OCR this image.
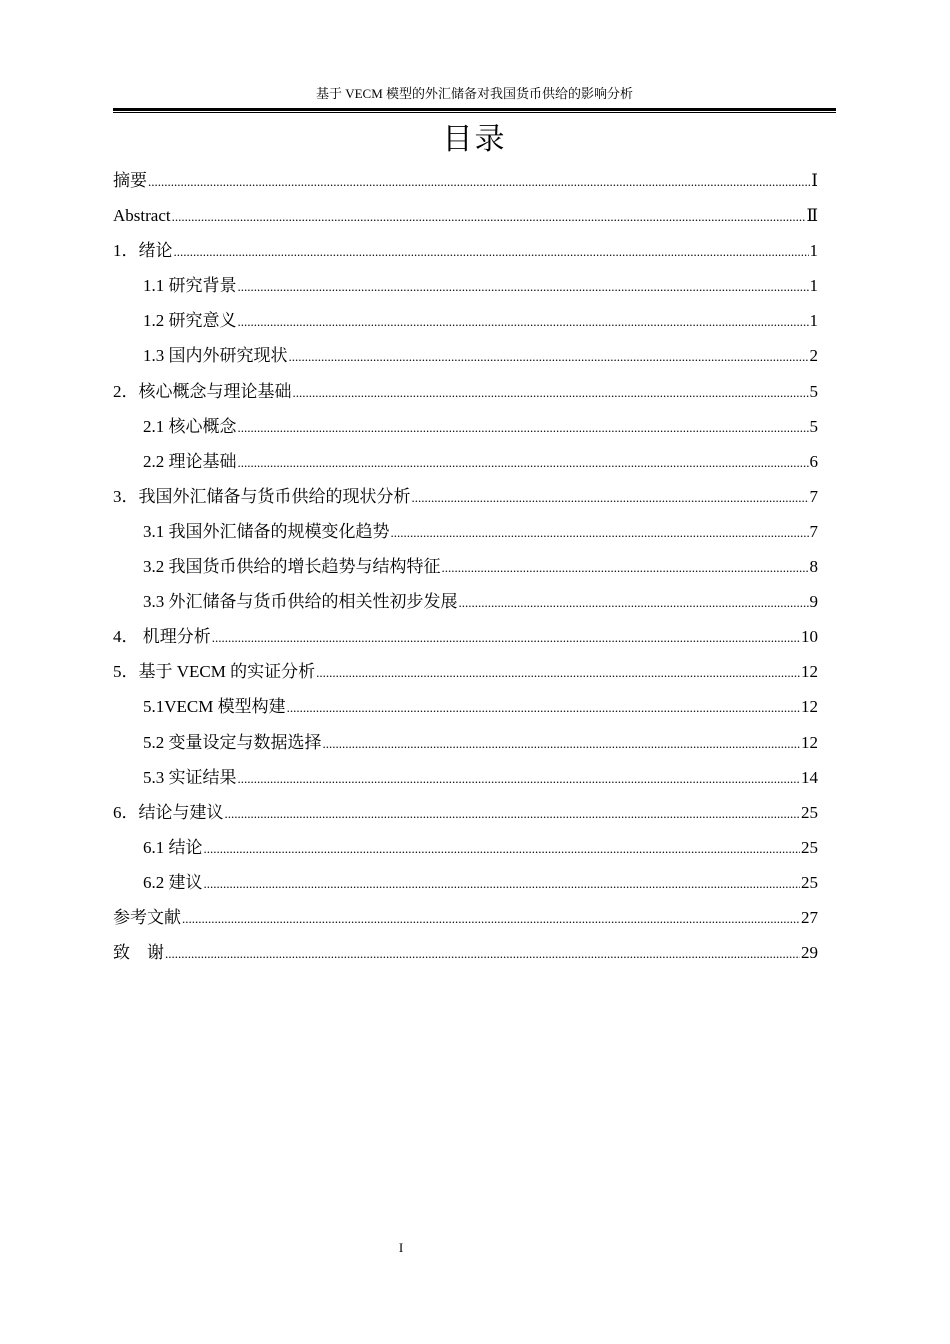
基于 VECM 模型的外汇储备对我国货币供给的影响分析
目录
摘要 .....	Ⅰ
Abstract .....	Ⅱ
1．绪论 .....	1
1.1 研究背景 .....	1
1.2 研究意义 .....	1
1.3 国内外研究现状 .....	2
2．核心概念与理论基础 .....	5
2.1 核心概念 .....	5
2.2 理论基础 .....	6
3．我国外汇储备与货币供给的现状分析 .....	7
3.1 我国外汇储备的规模变化趋势 .....	7
3.2 我国货币供给的增长趋势与结构特征 .....	8
3.3 外汇储备与货币供给的相关性初步发展 .....	9
4． 机理分析 .....	10
5．基于 VECM 的实证分析 .....	12
5.1VECM 模型构建 .....	12
5.2 变量设定与数据选择 .....	12
5.3 实证结果 .....	14
6．结论与建议 .....	25
6.1 结论 .....	25
6.2 建议 .....	25
参考文献 .....	27
致　谢 .....	29
I
